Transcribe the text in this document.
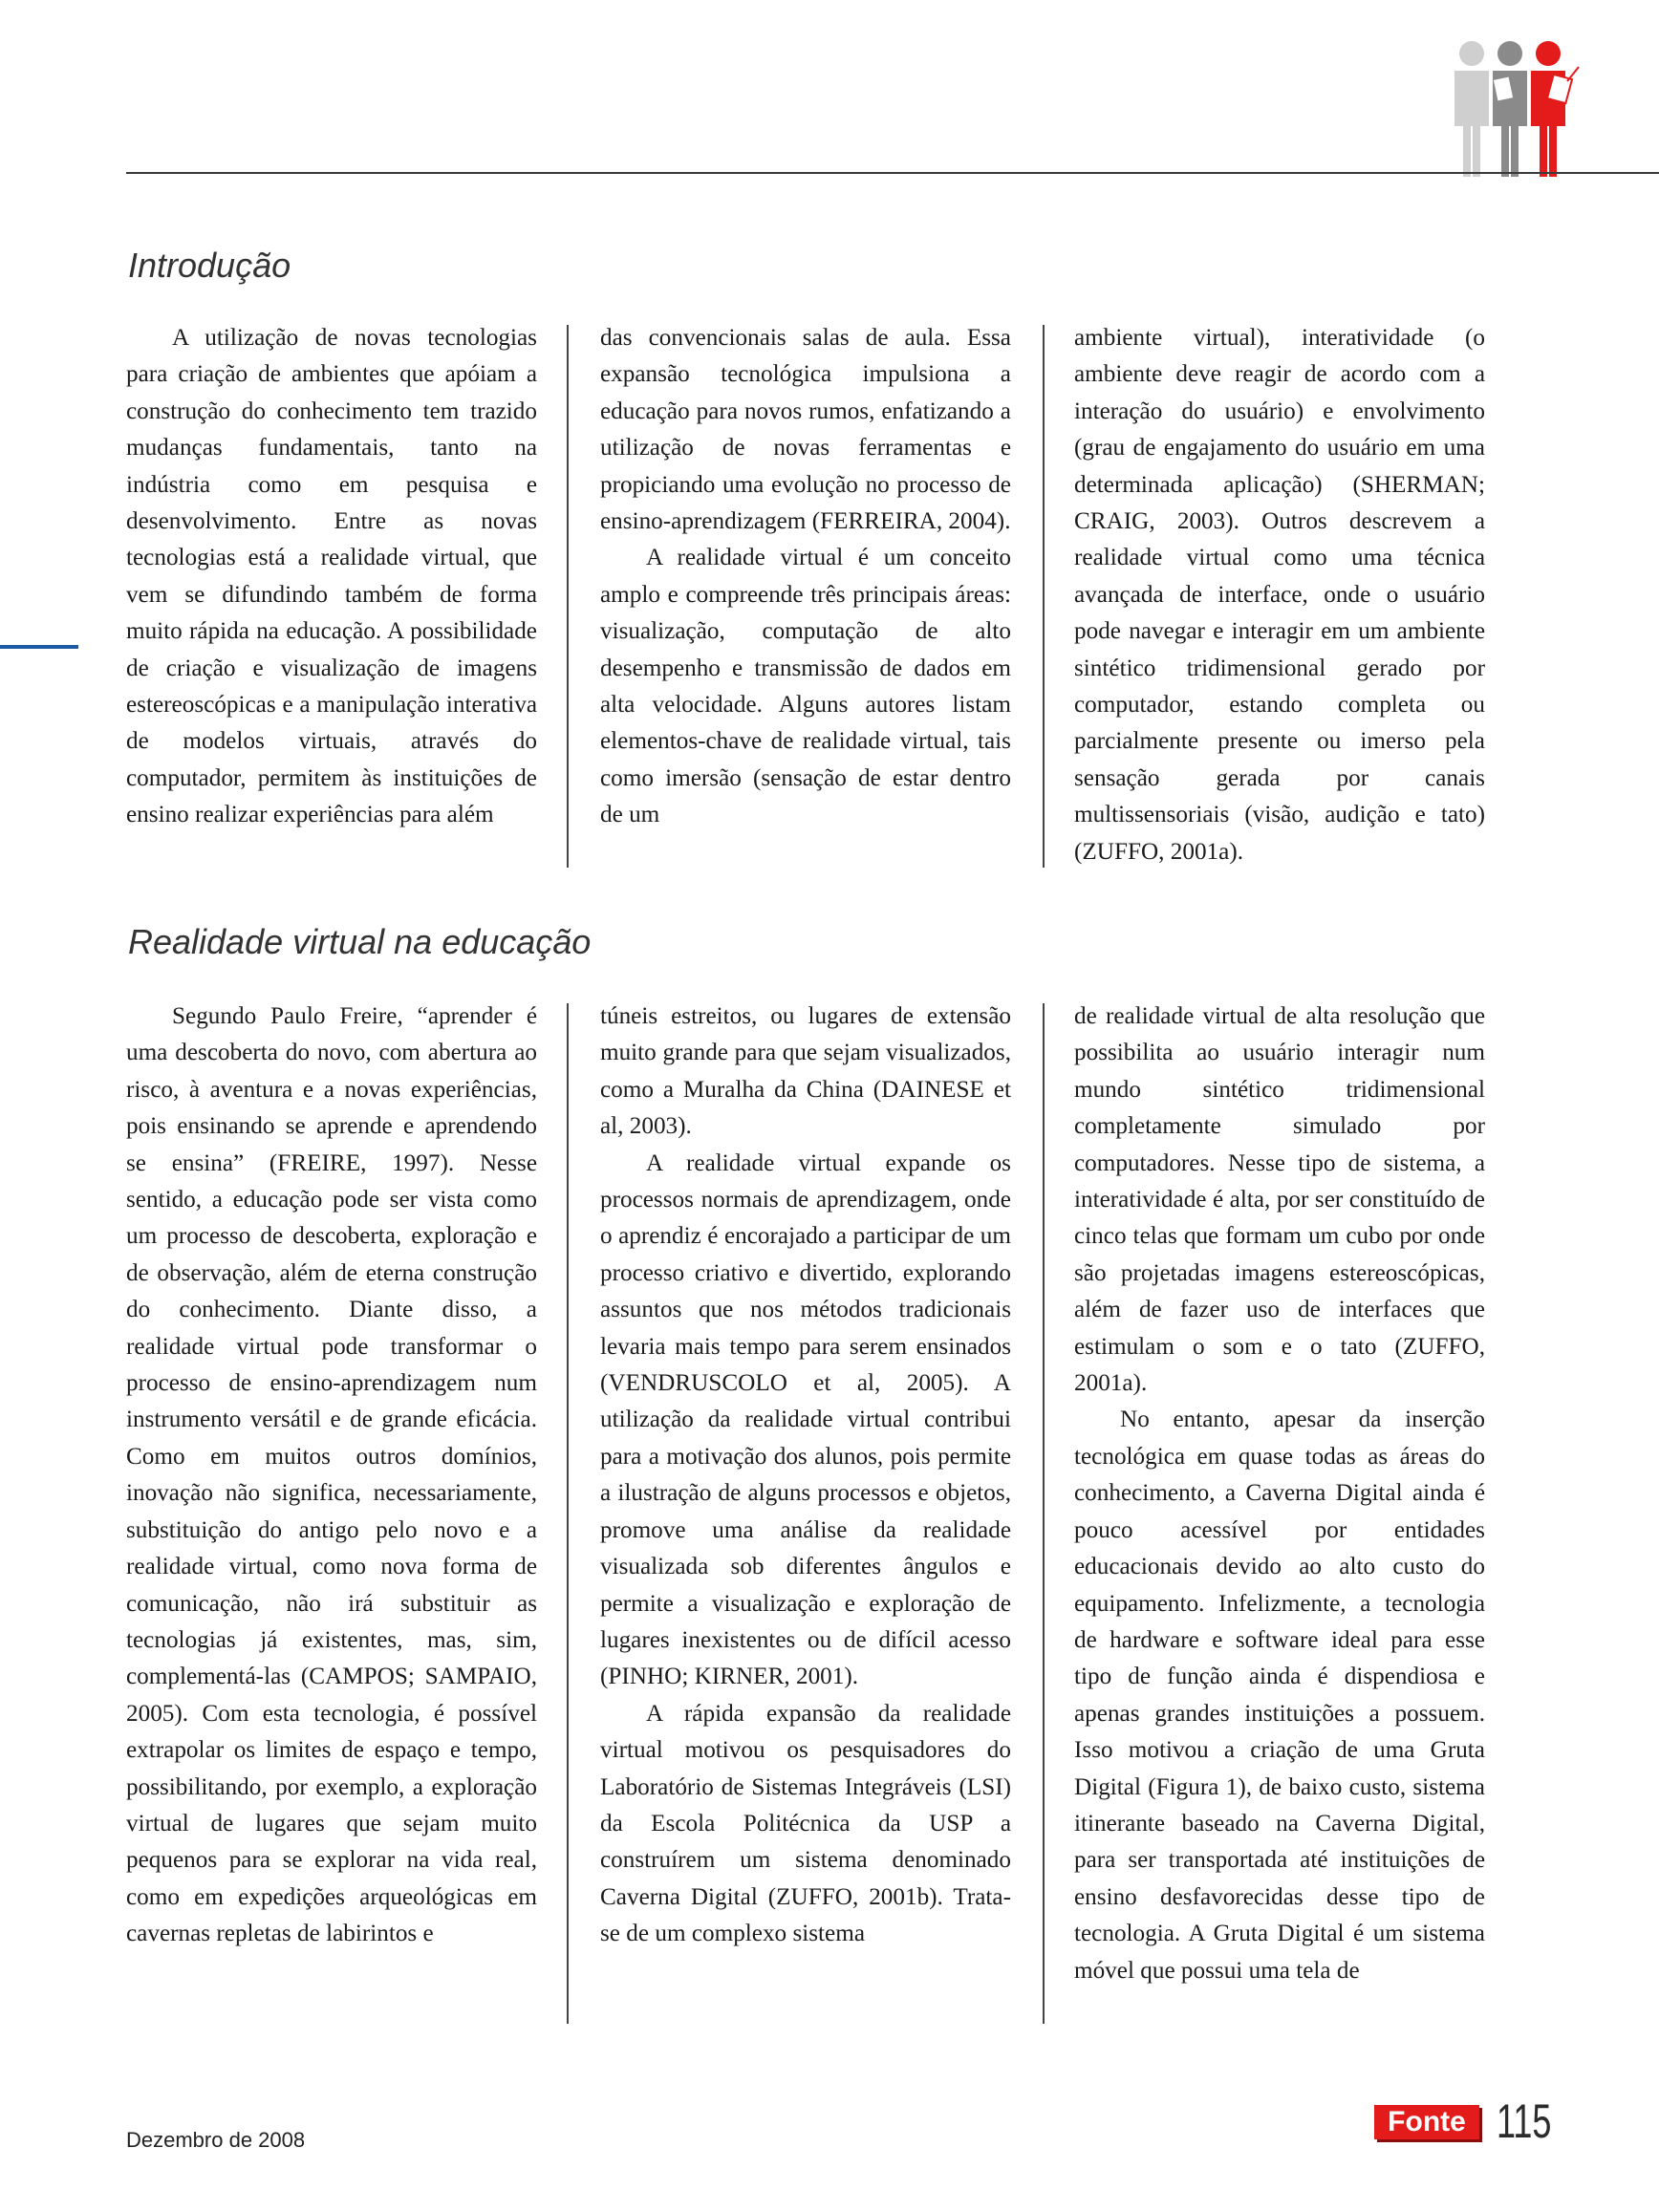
Introdução

A utilização de novas tecnologias para criação de ambientes que apóiam a construção do conhecimento tem trazido mudanças fundamentais, tanto na indústria como em pesquisa e desenvolvimento. Entre as novas tecnologias está a realidade virtual, que vem se difundindo também de forma muito rápida na educação. A possibilidade de criação e visualização de imagens estereoscópicas e a manipulação interativa de modelos virtuais, através do computador, permitem às instituições de ensino realizar experiências para além

das convencionais salas de aula. Essa expansão tecnológica impulsiona a educação para novos rumos, enfatizando a utilização de novas ferramentas e propiciando uma evolução no processo de ensino-aprendizagem (FERREIRA, 2004).

A realidade virtual é um conceito amplo e compreende três principais áreas: visualização, computação de alto desempenho e transmissão de dados em alta velocidade. Alguns autores listam elementos-chave de realidade virtual, tais como imersão (sensação de estar dentro de um

ambiente virtual), interatividade (o ambiente deve reagir de acordo com a interação do usuário) e envolvimento (grau de engajamento do usuário em uma determinada aplicação) (SHERMAN; CRAIG, 2003). Outros descrevem a realidade virtual como uma técnica avançada de interface, onde o usuário pode navegar e interagir em um ambiente sintético tridimensional gerado por computador, estando completa ou parcialmente presente ou imerso pela sensação gerada por canais multissensoriais (visão, audição e tato) (ZUFFO, 2001a).

Realidade virtual na educação

Segundo Paulo Freire, “aprender é uma descoberta do novo, com abertura ao risco, à aventura e a novas experiências, pois ensinando se aprende e aprendendo se ensina” (FREIRE, 1997). Nesse sentido, a educação pode ser vista como um processo de descoberta, exploração e de observação, além de eterna construção do conhecimento. Diante disso, a realidade virtual pode transformar o processo de ensino-aprendizagem num instrumento versátil e de grande eficácia. Como em muitos outros domínios, inovação não significa, necessariamente, substituição do antigo pelo novo e a realidade virtual, como nova forma de comunicação, não irá substituir as tecnologias já existentes, mas, sim, complementá-las (CAMPOS; SAMPAIO, 2005). Com esta tecnologia, é possível extrapolar os limites de espaço e tempo, possibilitando, por exemplo, a exploração virtual de lugares que sejam muito pequenos para se explorar na vida real, como em expedições arqueológicas em cavernas repletas de labirintos e

túneis estreitos, ou lugares de extensão muito grande para que sejam visualizados, como a Muralha da China (DAINESE et al, 2003).

A realidade virtual expande os processos normais de aprendizagem, onde o aprendiz é encorajado a participar de um processo criativo e divertido, explorando assuntos que nos métodos tradicionais levaria mais tempo para serem ensinados (VENDRUSCOLO et al, 2005). A utilização da realidade virtual contribui para a motivação dos alunos, pois permite a ilustração de alguns processos e objetos, promove uma análise da realidade visualizada sob diferentes ângulos e permite a visualização e exploração de lugares inexistentes ou de difícil acesso (PINHO; KIRNER, 2001).

A rápida expansão da realidade virtual motivou os pesquisadores do Laboratório de Sistemas Integráveis (LSI) da Escola Politécnica da USP a construírem um sistema denominado Caverna Digital (ZUFFO, 2001b). Trata-se de um complexo sistema

de realidade virtual de alta resolução que possibilita ao usuário interagir num mundo sintético tridimensional completamente simulado por computadores. Nesse tipo de sistema, a interatividade é alta, por ser constituído de cinco telas que formam um cubo por onde são projetadas imagens estereoscópicas, além de fazer uso de interfaces que estimulam o som e o tato (ZUFFO, 2001a).

No entanto, apesar da inserção tecnológica em quase todas as áreas do conhecimento, a Caverna Digital ainda é pouco acessível por entidades educacionais devido ao alto custo do equipamento. Infelizmente, a tecnologia de hardware e software ideal para esse tipo de função ainda é dispendiosa e apenas grandes instituições a possuem. Isso motivou a criação de uma Gruta Digital (Figura 1), de baixo custo, sistema itinerante baseado na Caverna Digital, para ser transportada até instituições de ensino desfavorecidas desse tipo de tecnologia. A Gruta Digital é um sistema móvel que possui uma tela de

Dezembro de 2008
Fonte 115
